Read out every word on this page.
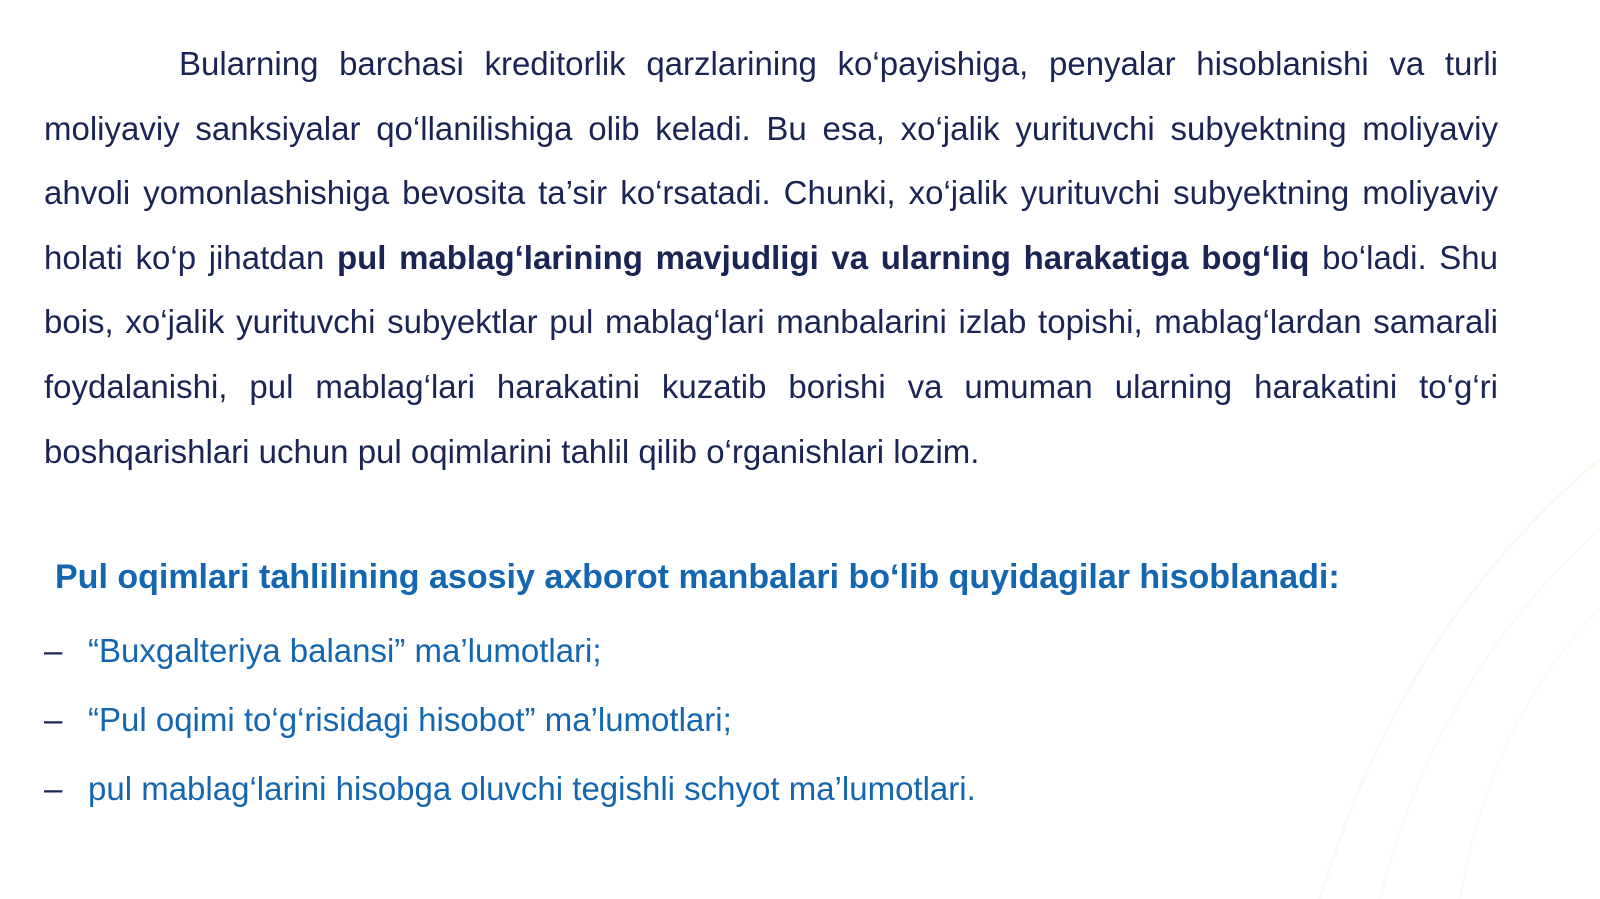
Bularning barchasi kreditorlik qarzlarining ko‘payishiga, penyalar hisoblanishi va turli moliyaviy sanksiyalar qo‘llanilishiga olib keladi. Bu esa, xo‘jalik yurituvchi subyektning moliyaviy ahvoli yomonlashishiga bevosita ta’sir ko‘rsatadi. Chunki, xo‘jalik yurituvchi subyektning moliyaviy holati ko‘p jihatdan pul mablag‘larining mavjudligi va ularning harakatiga bog‘liq bo‘ladi. Shu bois, xo‘jalik yurituvchi subyektlar pul mablag‘lari manbalarini izlab topishi, mablag‘lardan samarali foydalanishi, pul mablag‘lari harakatini kuzatib borishi va umuman ularning harakatini to‘g‘ri boshqarishlari uchun pul oqimlarini tahlil qilib o‘rganishlari lozim.

Pul oqimlari tahlilining asosiy axborot manbalari bo‘lib quyidagilar hisoblanadi:
– “Buxgalteriya balansi” ma’lumotlari;
– “Pul oqimi to‘g‘risidagi hisobot” ma’lumotlari;
– pul mablag‘larini hisobga oluvchi tegishli schyot ma’lumotlari.
